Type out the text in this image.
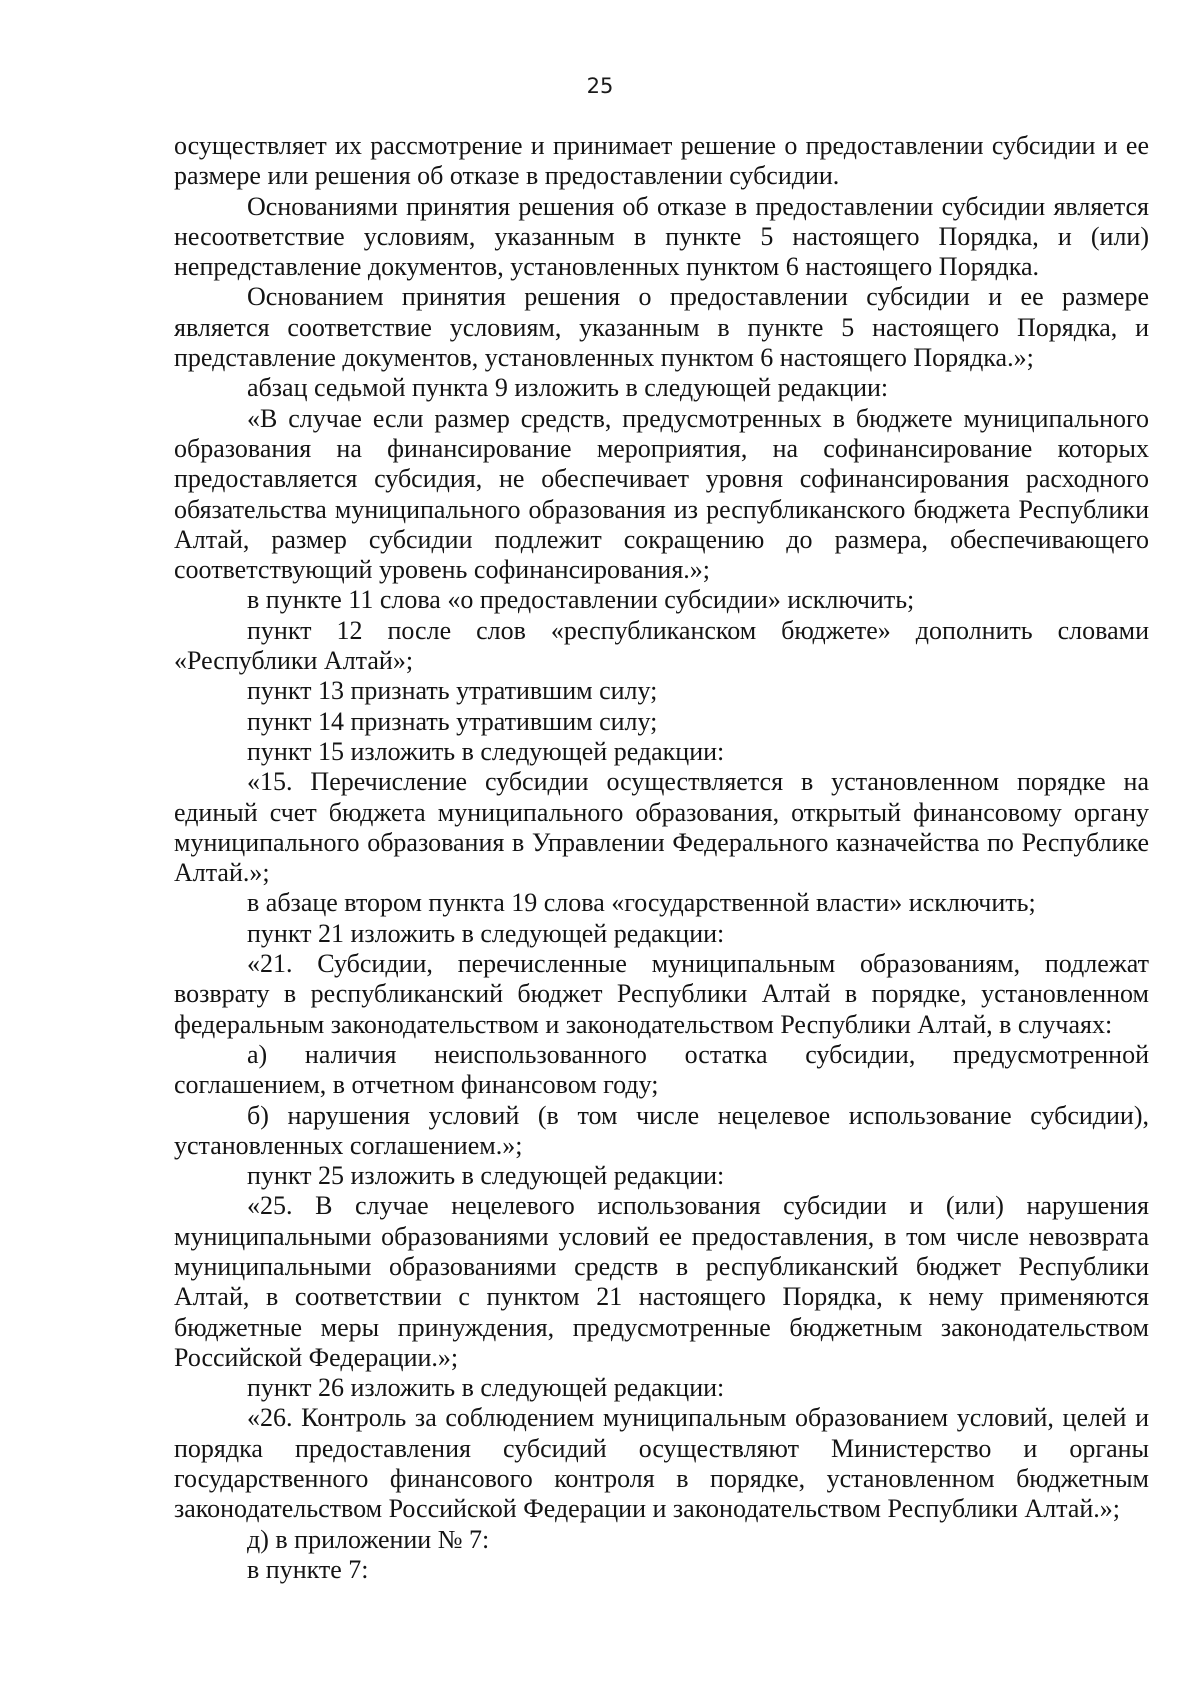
25

осуществляет их рассмотрение и принимает решение о предоставлении субсидии и ее размере или решения об отказе в предоставлении субсидии.

Основаниями принятия решения об отказе в предоставлении субсидии является несоответствие условиям, указанным в пункте 5 настоящего Порядка, и (или) непредставление документов, установленных пунктом 6 настоящего Порядка.

Основанием принятия решения о предоставлении субсидии и ее размере является соответствие условиям, указанным в пункте 5 настоящего Порядка, и представление документов, установленных пунктом 6 настоящего Порядка.»;

абзац седьмой пункта 9 изложить в следующей редакции:

«В случае если размер средств, предусмотренных в бюджете муниципального образования на финансирование мероприятия, на софинансирование которых предоставляется субсидия, не обеспечивает уровня софинансирования расходного обязательства муниципального образования из республиканского бюджета Республики Алтай, размер субсидии подлежит сокращению до размера, обеспечивающего соответствующий уровень софинансирования.»;

в пункте 11 слова «о предоставлении субсидии» исключить;

пункт 12 после слов «республиканском бюджете» дополнить словами «Республики Алтай»;

пункт 13 признать утратившим силу;

пункт 14 признать утратившим силу;

пункт 15 изложить в следующей редакции:

«15. Перечисление субсидии осуществляется в установленном порядке на единый счет бюджета муниципального образования, открытый финансовому органу муниципального образования в Управлении Федерального казначейства по Республике Алтай.»;

в абзаце втором пункта 19 слова «государственной власти» исключить;

пункт 21 изложить в следующей редакции:

«21. Субсидии, перечисленные муниципальным образованиям, подлежат возврату в республиканский бюджет Республики Алтай в порядке, установленном федеральным законодательством и законодательством Республики Алтай, в случаях:

а) наличия неиспользованного остатка субсидии, предусмотренной соглашением, в отчетном финансовом году;

б) нарушения условий (в том числе нецелевое использование субсидии), установленных соглашением.»;

пункт 25 изложить в следующей редакции:

«25. В случае нецелевого использования субсидии и (или) нарушения муниципальными образованиями условий ее предоставления, в том числе невозврата муниципальными образованиями средств в республиканский бюджет Республики Алтай, в соответствии с пунктом 21 настоящего Порядка, к нему применяются бюджетные меры принуждения, предусмотренные бюджетным законодательством Российской Федерации.»;

пункт 26 изложить в следующей редакции:

«26. Контроль за соблюдением муниципальным образованием условий, целей и порядка предоставления субсидий осуществляют Министерство и органы государственного финансового контроля в порядке, установленном бюджетным законодательством Российской Федерации и законодательством Республики Алтай.»;

д) в приложении № 7:

в пункте 7:
